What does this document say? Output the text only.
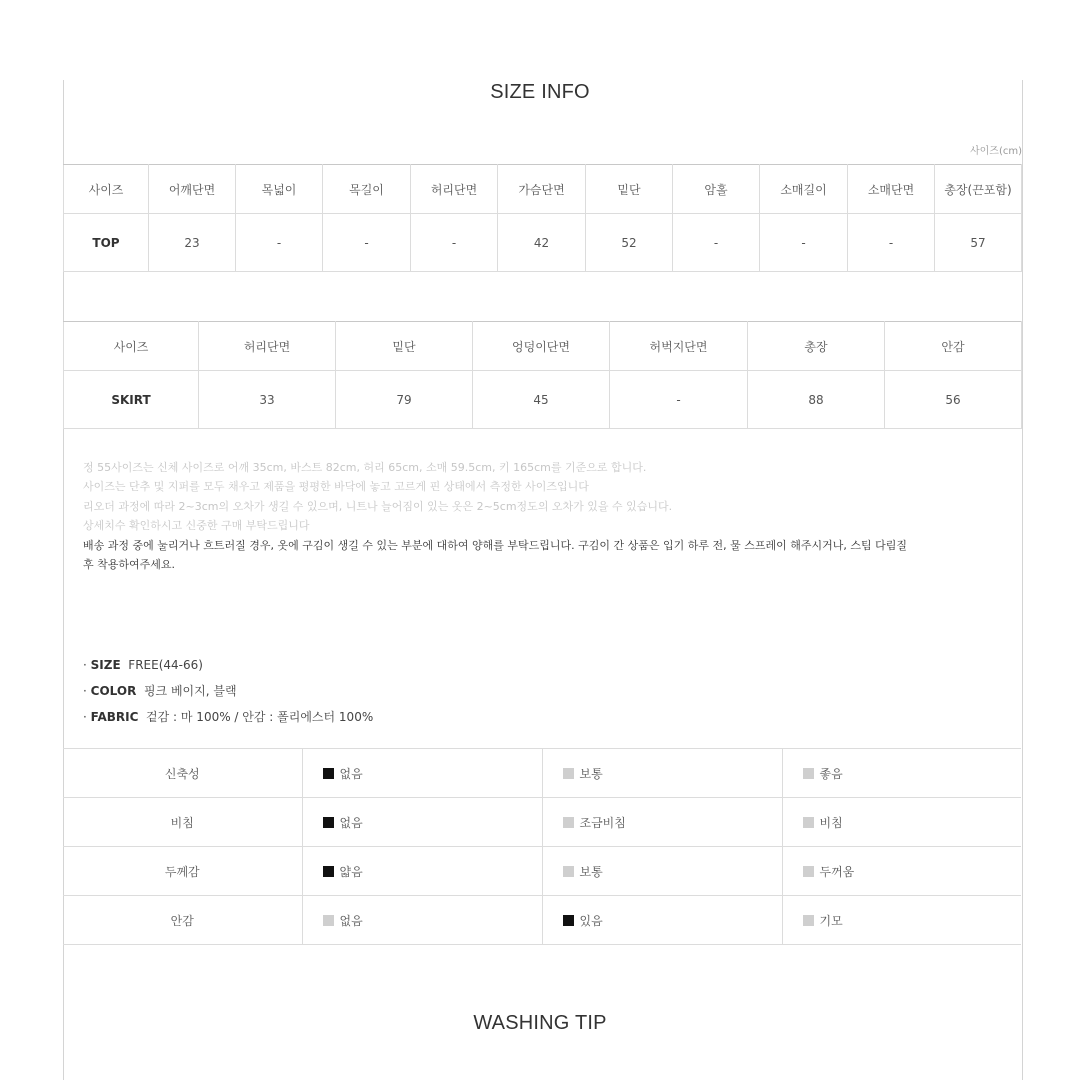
SIZE INFO
사이즈(cm)
사이즈	어깨단면	목넓이	목길이	허리단면	가슴단면	밑단	암홀	소매길이	소매단면	총장(끈포함)
TOP	23	-	-	-	42	52	-	-	-	57
사이즈	허리단면	밑단	엉덩이단면	허벅지단면	총장	안감
SKIRT	33	79	45	-	88	56
정 55사이즈는 신체 사이즈로 어깨 35cm, 바스트 82cm, 허리 65cm, 소매 59.5cm, 키 165cm를 기준으로 합니다.
사이즈는 단추 및 지퍼를 모두 채우고 제품을 평평한 바닥에 놓고 고르게 핀 상태에서 측정한 사이즈입니다
리오더 과정에 따라 2~3cm의 오차가 생길 수 있으며, 니트나 늘어짐이 있는 옷은 2~5cm정도의 오차가 있을 수 있습니다.
상세치수 확인하시고 신중한 구매 부탁드립니다
배송 과정 중에 눌리거나 흐트러질 경우, 옷에 구김이 생길 수 있는 부분에 대하여 양해를 부탁드립니다. 구김이 간 상품은 입기 하루 전, 물 스프레이 해주시거나, 스팀 다림질
후 착용하여주세요.
· SIZE FREE(44-66)
· COLOR 핑크 베이지, 블랙
· FABRIC 겉감 : 마 100% / 안감 : 폴리에스터 100%
신축성	없음	보통	좋음
비침	없음	조금비침	비침
두께감	얇음	보통	두꺼움
안감	없음	있음	기모
WASHING TIP
